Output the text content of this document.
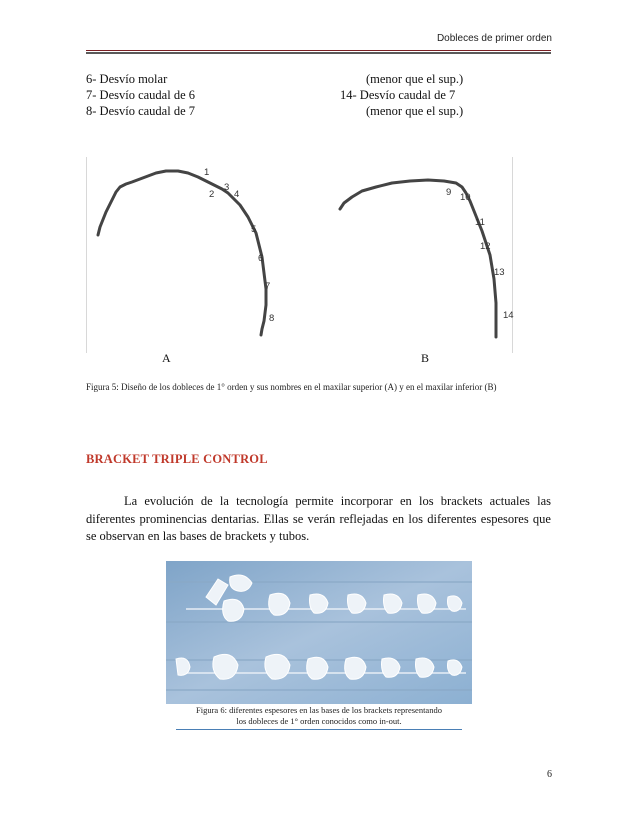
Dobleces de primer orden
6- Desvío molar
7- Desvío caudal de 6
8- Desvío caudal de 7
(menor que el sup.)
14- Desvío caudal de 7
(menor que el sup.)
1
2
3
4
5
6
7
8
9 10
11
12
13
14
A	B
Figura 5: Diseño de los dobleces de 1° orden y sus nombres en el maxilar superior (A) y en el maxilar inferior (B)
BRACKET TRIPLE CONTROL
La evolución de la tecnología permite incorporar en los brackets actuales las diferentes prominencias dentarias. Ellas se verán reflejadas en los diferentes espesores que se observan en las bases de brackets y tubos.
Figura 6: diferentes espesores en las bases de los brackets representando
los dobleces de 1° orden conocidos como in-out.
6
